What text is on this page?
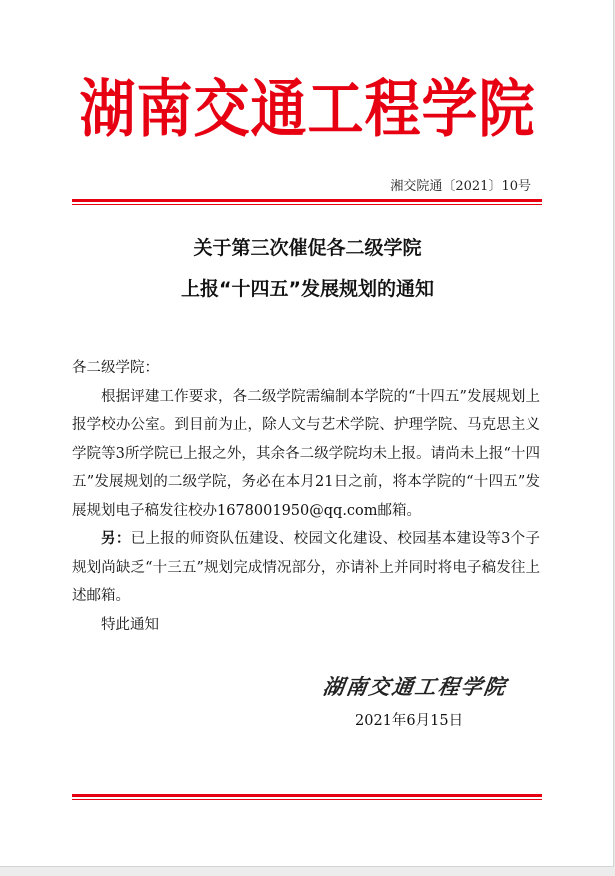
湖南交通工程学院
湘交院通〔2021〕10号
关于第三次催促各二级学院
上报“十四五”发展规划的通知

各二级学院：

根据评建工作要求，各二级学院需编制本学院的“十四五”发展规划上报学校办公室。到目前为止，除人文与艺术学院、护理学院、马克思主义学院等3所学院已上报之外，其余各二级学院均未上报。请尚未上报“十四五”发展规划的二级学院，务必在本月21日之前，将本学院的“十四五”发展规划电子稿发往校办1678001950@qq.com邮箱。

另：已上报的师资队伍建设、校园文化建设、校园基本建设等3个子规划尚缺乏“十三五”规划完成情况部分，亦请补上并同时将电子稿发往上述邮箱。

特此通知

湖南交通工程学院
2021年6月15日
